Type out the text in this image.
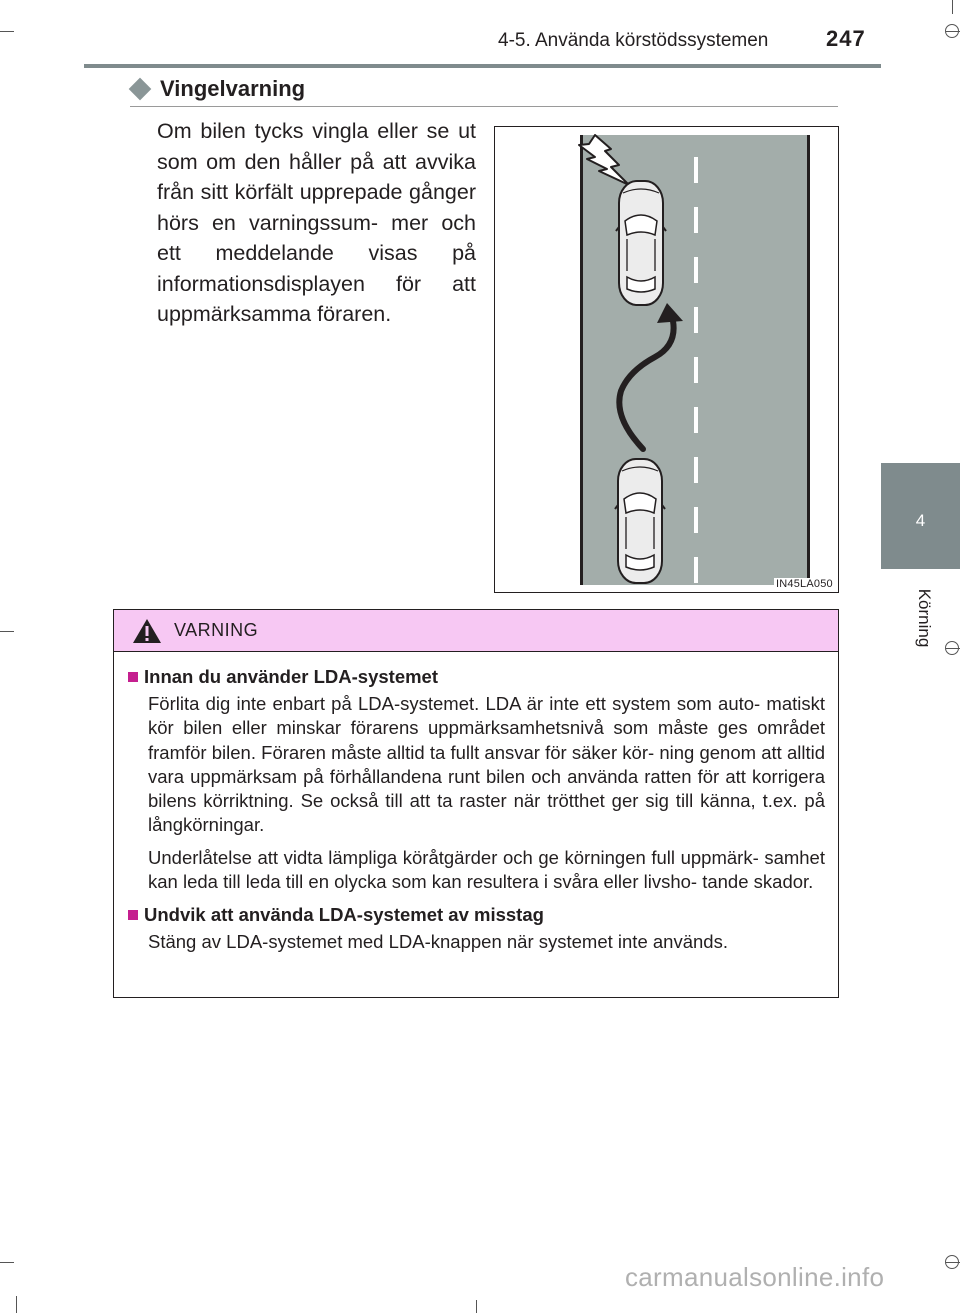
4-5. Använda körstödssystemen	247
4
Körning
Vingelvarning
Om bilen tycks vingla eller se ut som om den håller på att avvika från sitt körfält upprepade gånger hörs en varningssum- mer och ett meddelande visas på informationsdisplayen för att uppmärksamma föraren.
IN45LA050
VARNING
Innan du använder LDA-systemet

Förlita dig inte enbart på LDA-systemet. LDA är inte ett system som auto- matiskt kör bilen eller minskar förarens uppmärksamhetsnivå som måste ges området framför bilen. Föraren måste alltid ta fullt ansvar för säker kör- ning genom att alltid vara uppmärksam på förhållandena runt bilen och använda ratten för att korrigera bilens körriktning. Se också till att ta raster när trötthet ger sig till känna, t.ex. på långkörningar.

Underlåtelse att vidta lämpliga köråtgärder och ge körningen full uppmärk- samhet kan leda till leda till en olycka som kan resultera i svåra eller livsho- tande skador.

Undvik att använda LDA-systemet av misstag

Stäng av LDA-systemet med LDA-knappen när systemet inte används.

carmanualsonline.info
